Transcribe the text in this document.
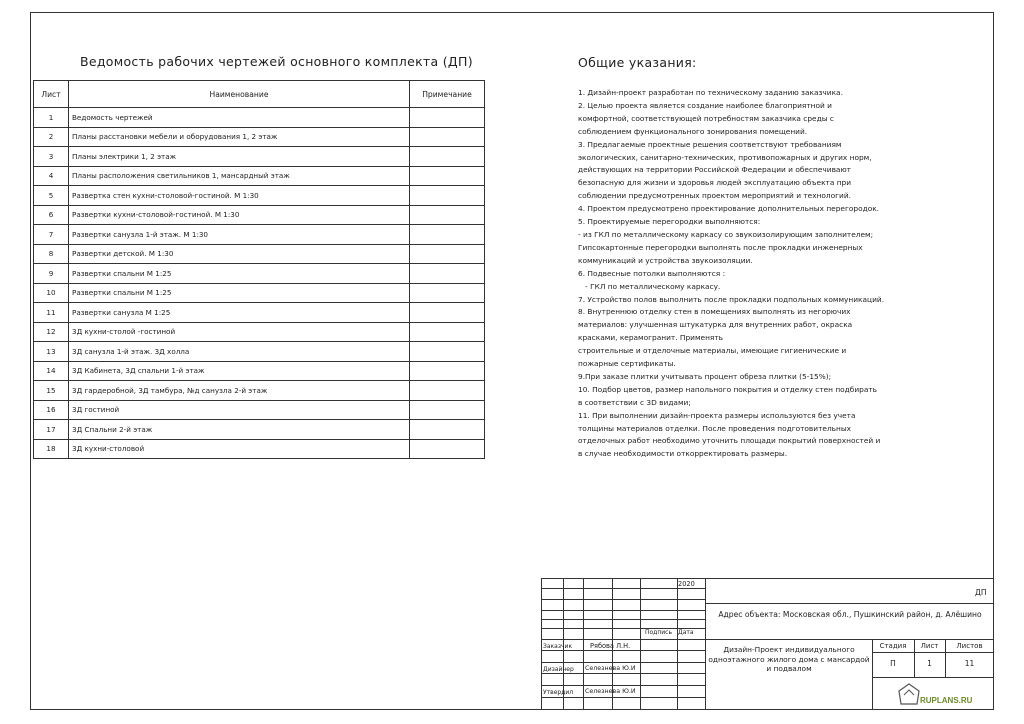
Ведомость рабочих чертежей основного комплекта (ДП)
Лист	Наименование	Примечание
1	Ведомость чертежей	
2	Планы расстановки мебели и оборудования 1, 2 этаж	
3	Планы электрики 1, 2 этаж	
4	Планы расположения светильников 1, мансардный этаж	
5	Развертка стен кухни-столовой-гостиной. М 1:30	
6	Развертки кухни-столовой-гостиной. М 1:30	
7	Развертки санузла 1-й этаж. М 1:30	
8	Развертки детской. М 1:30	
9	Развертки спальни М 1:25	
10	Развертки спальни М 1:25	
11	Развертки санузла М 1:25	
12	3Д кухни-столой -гостиной	
13	3Д санузла 1-й этаж. 3Д холла	
14	3Д Кабинета, 3Д спальни 1-й этаж	
15	3Д гардеробной, 3Д тамбура, №д санузла 2-й этаж	
16	3Д гостиной	
17	3Д Спальни 2-й этаж	
18	3Д кухни-столовой	
Общие указания:
1. Дизайн-проект разработан по техническому заданию заказчика.
2. Целью проекта является создание наиболее благоприятной и
комфортной, соответствующей потребностям заказчика среды с
соблюдением функционального зонирования помещений.
3. Предлагаемые проектные решения соответствуют требованиям
экологических, санитарно-технических, противопожарных и других норм,
действующих на территории Российской Федерации и обеспечивают
безопасную для жизни и здоровья людей эксплуатацию объекта при
соблюдении предусмотренных проектом мероприятий и технологий.
4. Проектом предусмотрено проектирование дополнительных перегородок.
5. Проектируемые перегородки выполняются:
- из ГКЛ по металлическому каркасу со звукоизолирующим заполнителем;
Гипсокартонные перегородки выполнять после прокладки инженерных
коммуникаций и устройства звукоизоляции.
6. Подвесные потолки выполняются :
- ГКЛ по металлическому каркасу.
7. Устройство полов выполнить после прокладки подпольных коммуникаций.
8. Внутреннюю отделку стен в помещениях выполнять из негорючих
материалов: улучшенная штукатурка для внутренних работ, окраска
красками, керамогранит. Применять
строительные и отделочные материалы, имеющие гигиенические и
пожарные сертификаты.
9.При заказе плитки учитывать процент обреза плитки (5-15%);
10. Подбор цветов, размер напольного покрытия и отделку стен подбирать
в соответствии с 3D видами;
11. При выполнении дизайн-проекта размеры используются без учета
толщины материалов отделки. После проведения подготовительных
отделочных работ необходимо уточнить площади покрытий поверхностей и
в случае необходимости откорректировать размеры.
2020
ДП
Адрес объекта: Московская обл., Пушкинский район, д. Алёшино
Подпись Дата
Заказчик	Рябова Л.Н.
Дизайнер Селезнева Ю.И
Утвердил Селезнева Ю.И
Дизайн-Проект индивидуального одноэтажного жилого дома с мансардой и подвалом
Стадия	Лист	Листов
П	1	11
RUPLANS.RU
